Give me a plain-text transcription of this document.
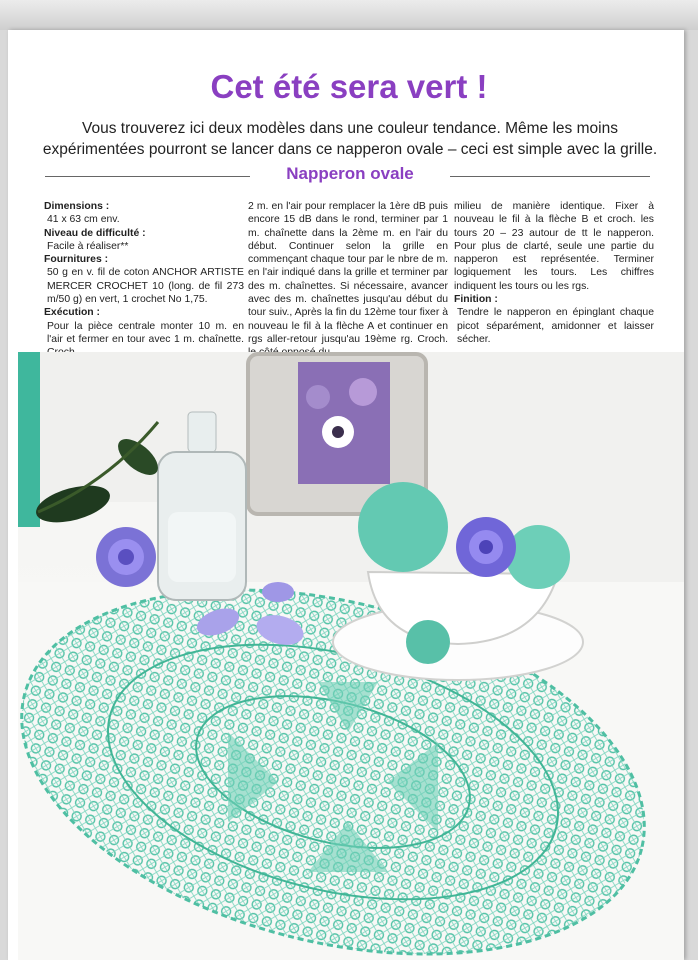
Cet été sera vert !

Vous trouverez ici deux modèles dans une couleur tendance. Même les moins expérimentées pourront se lancer dans ce napperon ovale – ceci est simple avec la grille.

Napperon ovale
Dimensions :
41 x 63 cm env.
Niveau de difficulté :
Facile à réaliser**
Fournitures :
50 g en v. fil de coton ANCHOR ARTISTE MERCER CROCHET 10 (long. de fil 273 m/50 g) en vert, 1 crochet No 1,75.
Exécution :
Pour la pièce centrale monter 10 m. en l'air et fermer en tour avec 1 m. chaînette.

2 m. en l'air pour remplacer la 1ère dB puis encore 15 dB dans le rond, terminer par 1 m. chaînette dans la 2ème m. en l'air du début. Continuer selon la grille en commençant chaque tour par le nbre de m. en l'air indiqué dans la grille et terminer par des m. chaînettes. Si nécessaire, avancer avec des m. chaînettes jusqu'au début du tour suiv., Après la fin du 12ème tour fixer à nouveau le fil à la flèche A et continuer en rgs aller-retour jusqu'au 19ème rg. Croch.

milieu de manière identique. Fixer à nouveau le fil à la flèche B et croch. les tours 20 – 23 autour de tt le napperon. Pour plus de clarté, seule une partie du napperon est représentée. Terminer logiquement les tours. Les chiffres indiquent les tours ou les rgs.

Finition :
Tendre le napperon en épinglant chaque picot séparément, amidonner et laisser sécher.
